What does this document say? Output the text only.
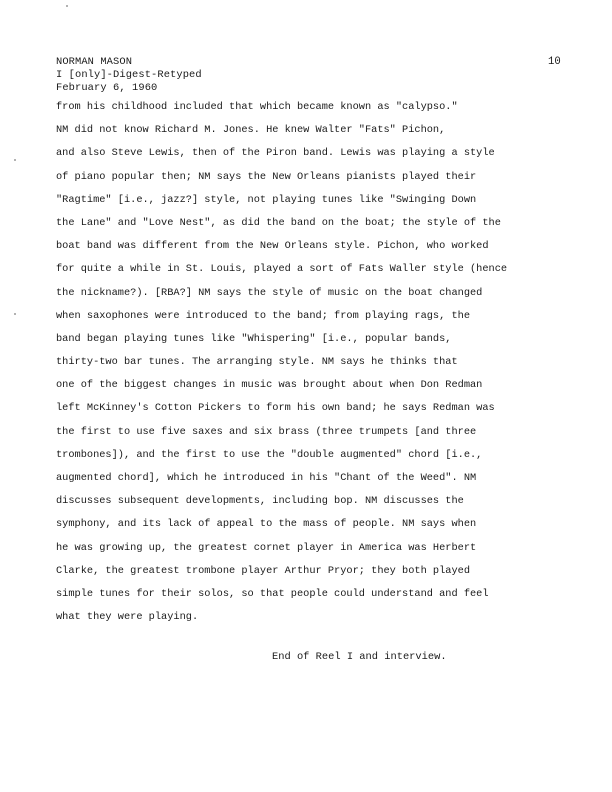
NORMAN MASON
I [only]-Digest-Retyped
February 6, 1960
10
from his childhood included that which became known as "calypso."
NM did not know Richard M. Jones. He knew Walter "Fats" Pichon,
and also Steve Lewis, then of the Piron band. Lewis was playing a style
of piano popular then; NM says the New Orleans pianists played their
"Ragtime" [i.e., jazz?] style, not playing tunes like "Swinging Down
the Lane" and "Love Nest", as did the band on the boat; the style of the
boat band was different from the New Orleans style. Pichon, who worked
for quite a while in St. Louis, played a sort of Fats Waller style (hence
the nickname?). [RBA?] NM says the style of music on the boat changed
when saxophones were introduced to the band; from playing rags, the
band began playing tunes like "Whispering" [i.e., popular bands,
thirty-two bar tunes. The arranging style. NM says he thinks that
one of the biggest changes in music was brought about when Don Redman
left McKinney's Cotton Pickers to form his own band; he says Redman was
the first to use five saxes and six brass (three trumpets [and three
trombones]), and the first to use the "double augmented" chord [i.e.,
augmented chord], which he introduced in his "Chant of the Weed". NM
discusses subsequent developments, including bop. NM discusses the
symphony, and its lack of appeal to the mass of people. NM says when
he was growing up, the greatest cornet player in America was Herbert
Clarke, the greatest trombone player Arthur Pryor; they both played
simple tunes for their solos, so that people could understand and feel
what they were playing.
End of Reel I and interview.
